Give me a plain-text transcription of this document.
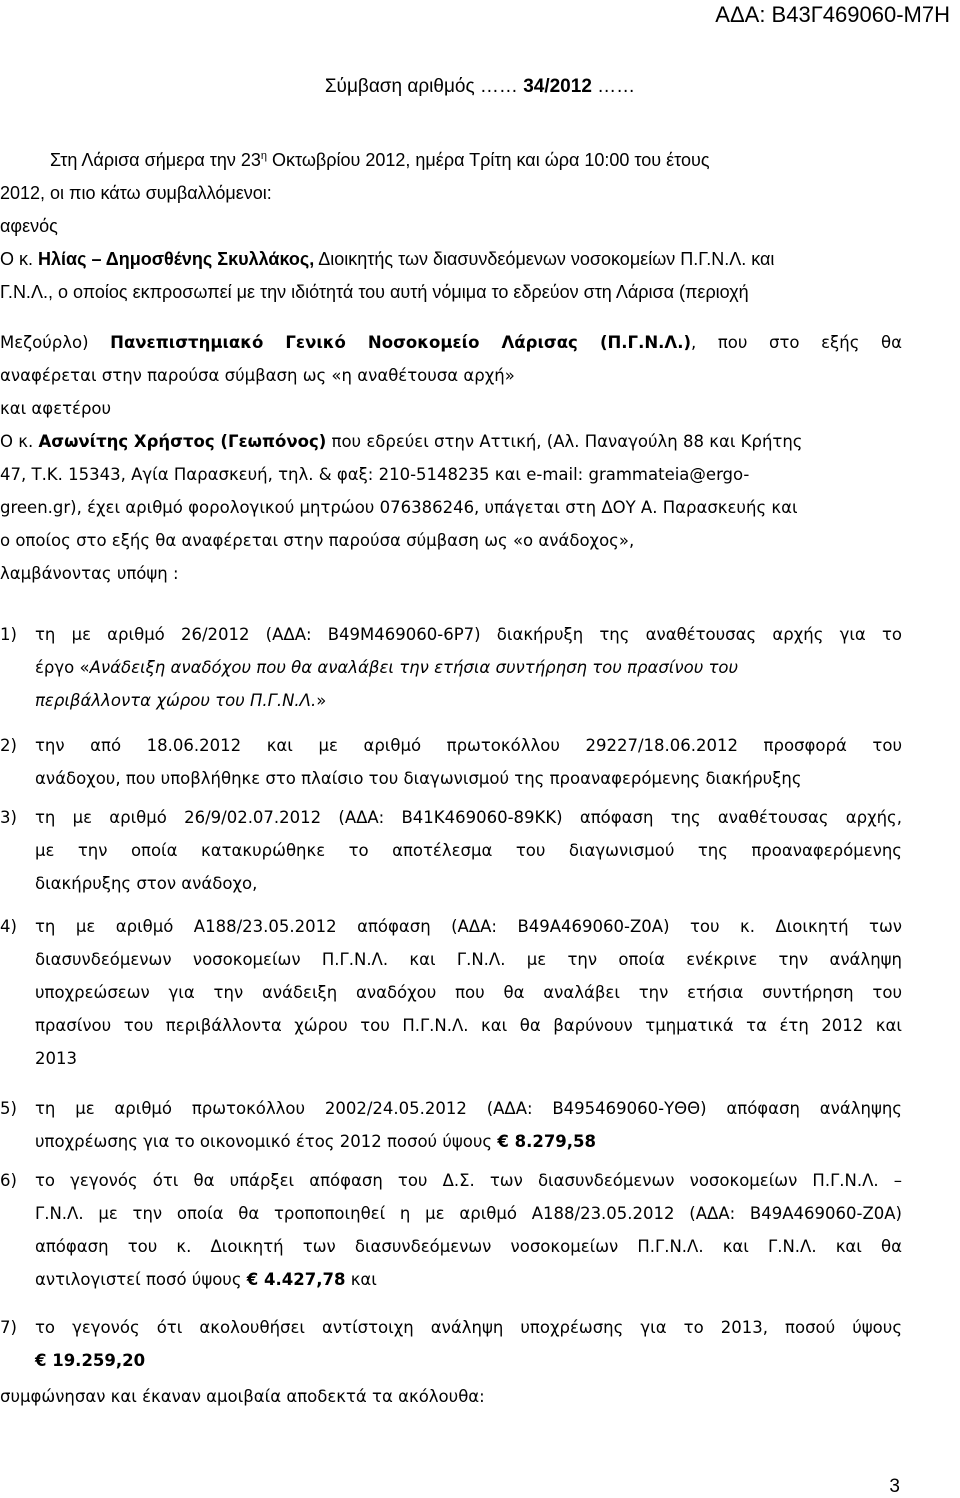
ΑΔΑ: Β43Γ469060-Μ7Η
Σύμβαση αριθμός …… 34/2012 ……
Στη Λάρισα σήμερα την $23^\eta$ Οκτωβρίου 2012, ημέρα Τρίτη και ώρα 10:00 του έτους
2012, οι πιο κάτω συμβαλλόμενοι:
αφενός
Ο κ. Ηλίας – Δημοσθένης Σκυλλάκος, Διοικητής των διασυνδεόμενων νοσοκομείων Π.Γ.Ν.Λ. και
Γ.Ν.Λ., ο οποίος εκπροσωπεί με την ιδιότητά του αυτή νόμιμα το εδρεύον στη Λάρισα (περιοχή
Μεζούρλο) Πανεπιστημιακό Γενικό Νοσοκομείο Λάρισας (Π.Γ.Ν.Λ.), που στο εξής θα
αναφέρεται στην παρούσα σύμβαση ως «η αναθέτουσα αρχή»
και αφετέρου
Ο κ. Ασωνίτης Χρήστος (Γεωπόνος) που εδρεύει στην Αττική, (Αλ. Παναγούλη 88 και Κρήτης
47, Τ.Κ. 15343, Αγία Παρασκευή, τηλ. & φαξ: 210-5148235 και e-mail: grammateia@ergo-
green.gr), έχει αριθμό φορολογικού μητρώου 076386246, υπάγεται στη ΔΟΥ Α. Παρασκευής και
ο οποίος στο εξής θα αναφέρεται στην παρούσα σύμβαση ως «ο ανάδοχος»,
λαμβάνοντας υπόψη :
1) τη με αριθμό 26/2012 (ΑΔΑ: Β49Μ469060-6Ρ7) διακήρυξη της αναθέτουσας αρχής για το
έργο «Ανάδειξη αναδόχου που θα αναλάβει την ετήσια συντήρηση του πρασίνου του
περιβάλλοντα χώρου του Π.Γ.Ν.Λ.»
2) την από 18.06.2012 και με αριθμό πρωτοκόλλου 29227/18.06.2012 προσφορά του
ανάδοχου, που υποβλήθηκε στο πλαίσιο του διαγωνισμού της προαναφερόμενης διακήρυξης
3) τη με αριθμό 26/9/02.07.2012 (ΑΔΑ: Β41Κ469060-89ΚΚ) απόφαση της αναθέτουσας αρχής,
με την οποία κατακυρώθηκε το αποτέλεσμα του διαγωνισμού της προαναφερόμενης
διακήρυξης στον ανάδοχο,
4) τη με αριθμό Α188/23.05.2012 απόφαση (ΑΔΑ: Β49Α469060-Ζ0Α) του κ. Διοικητή των
διασυνδεόμενων νοσοκομείων Π.Γ.Ν.Λ. και Γ.Ν.Λ. με την οποία ενέκρινε την ανάληψη
υποχρεώσεων για την ανάδειξη αναδόχου που θα αναλάβει την ετήσια συντήρηση του
πρασίνου του περιβάλλοντα χώρου του Π.Γ.Ν.Λ. και θα βαρύνουν τμηματικά τα έτη 2012 και
2013
5) τη με αριθμό πρωτοκόλλου 2002/24.05.2012 (ΑΔΑ: Β495469060-ΥΘΘ) απόφαση ανάληψης
υποχρέωσης για το οικονομικό έτος 2012 ποσού ύψους € 8.279,58
6) το γεγονός ότι θα υπάρξει απόφαση του Δ.Σ. των διασυνδεόμενων νοσοκομείων Π.Γ.Ν.Λ. –
Γ.Ν.Λ. με την οποία θα τροποποιηθεί η με αριθμό Α188/23.05.2012 (ΑΔΑ: Β49Α469060-Ζ0Α)
απόφαση του κ. Διοικητή των διασυνδεόμενων νοσοκομείων Π.Γ.Ν.Λ. και Γ.Ν.Λ. και θα
αντιλογιστεί ποσό ύψους € 4.427,78 και
7) το γεγονός ότι ακολουθήσει αντίστοιχη ανάληψη υποχρέωσης για το 2013, ποσού ύψους
€ 19.259,20
συμφώνησαν και έκαναν αμοιβαία αποδεκτά τα ακόλουθα:
3
